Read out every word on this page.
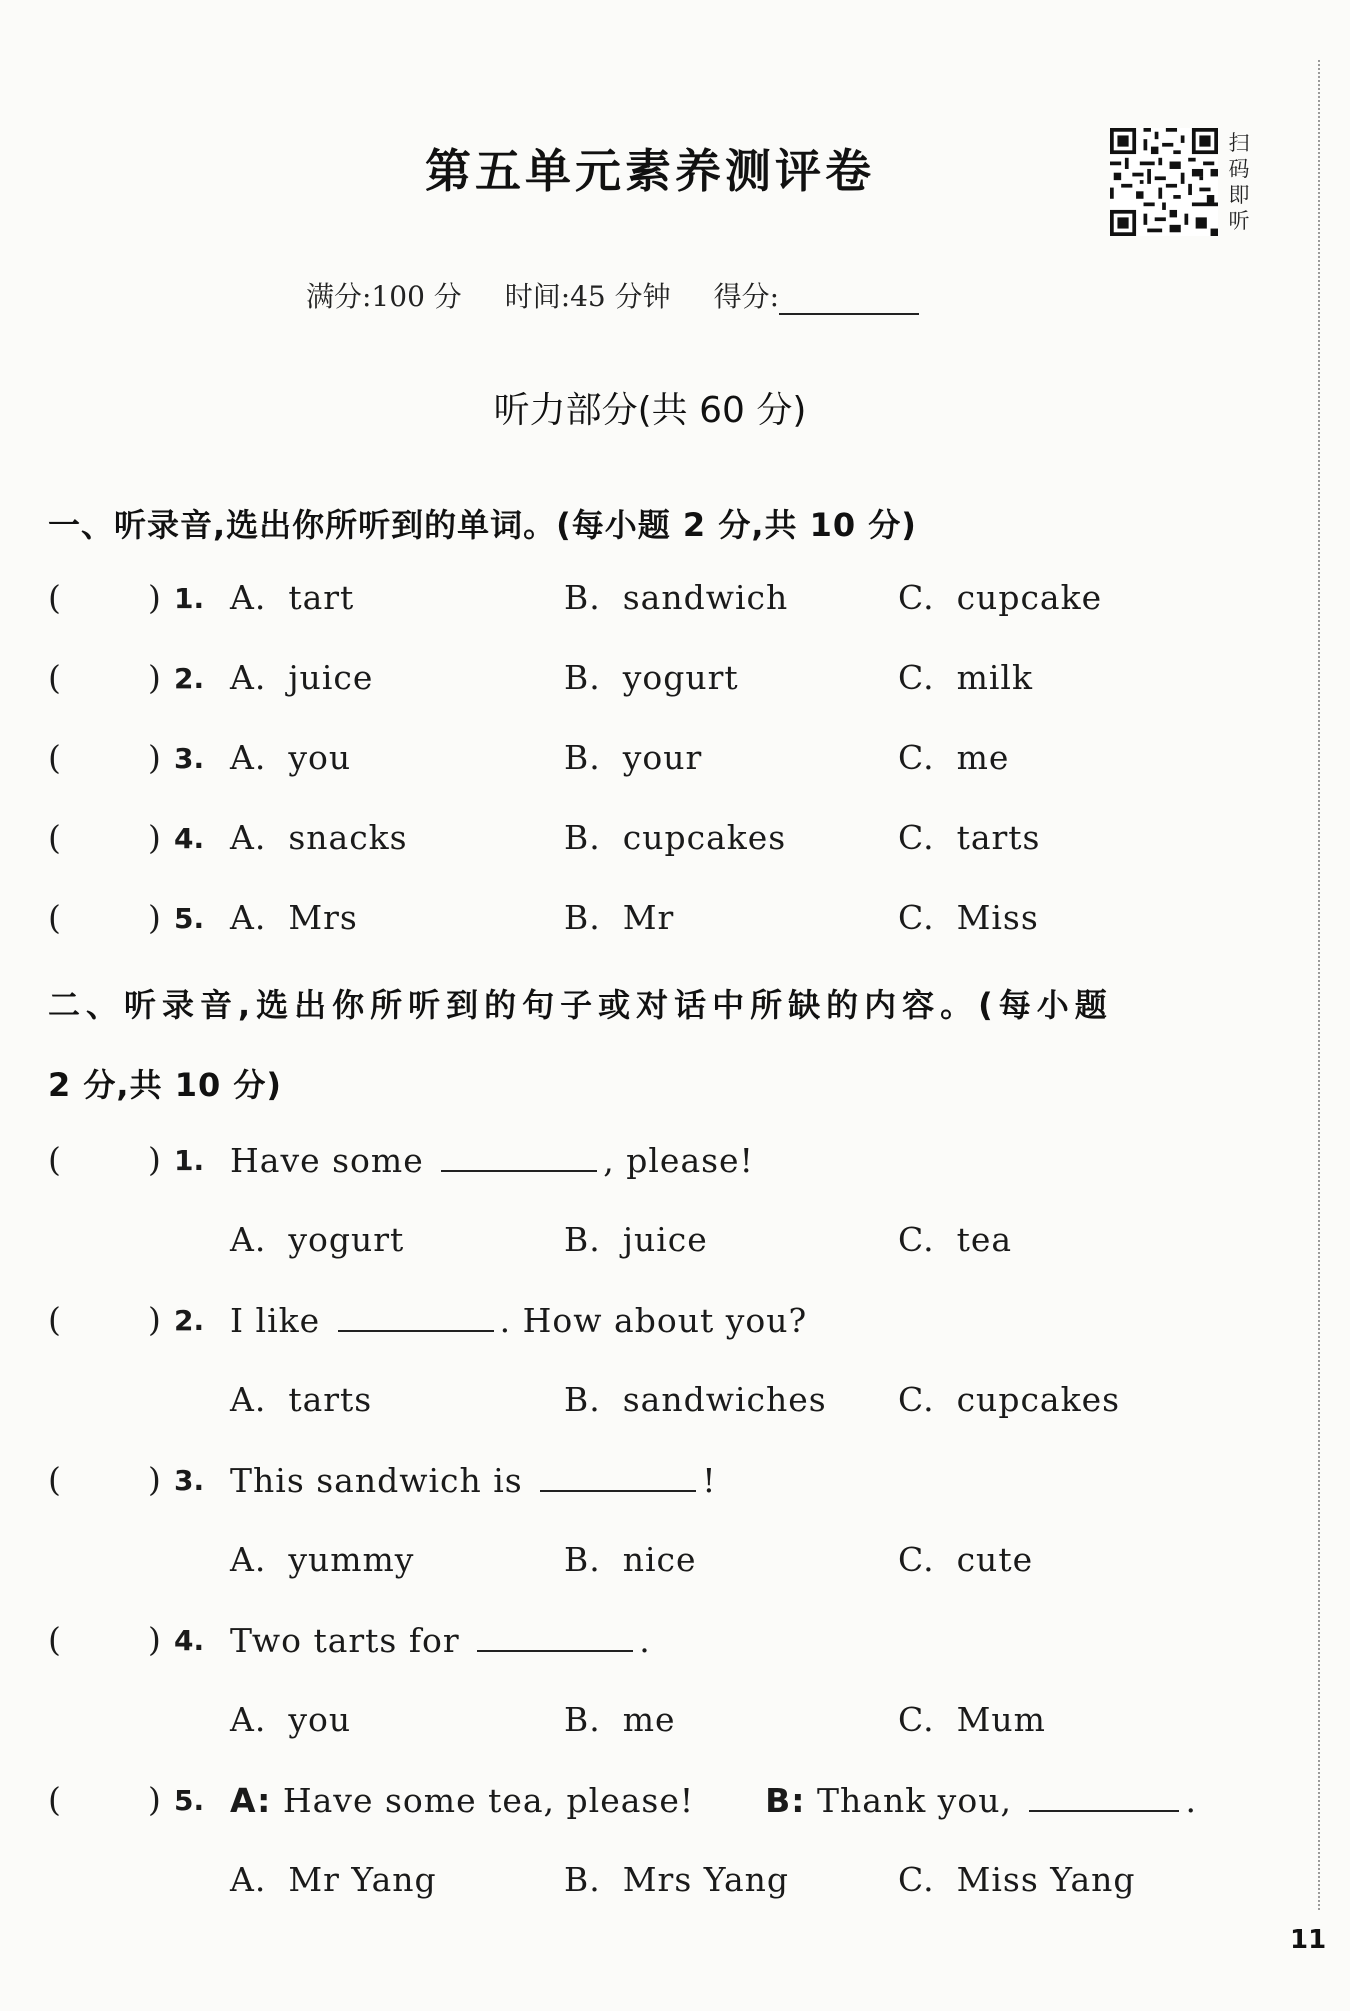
第五单元素养测评卷
扫码即听
满分:100 分 时间:45 分钟 得分:
听力部分(共 60 分)
一、听录音,选出你所听到的单词。(每小题 2 分,共 10 分)
(	) 1. A. tart	B. sandwich	C. cupcake
(	) 2. A. juice	B. yogurt	C. milk
(	) 3. A. you	B. your	C. me
(	) 4. A. snacks	B. cupcakes	C. tarts
(	) 5. A. Mrs	B. Mr	C. Miss
二、听录音,选出你所听到的句子或对话中所缺的内容。(每小题
2 分,共 10 分)
(	) 1. Have some	, please!
A. yogurt	B. juice	C. tea
(	) 2. I like	. How about you?
A. tarts	B. sandwiches C. cupcakes
(	) 3. This sandwich is	!
A. yummy	B. nice	C. cute
(	) 4. Two tarts for	.
A. you	B. me	C. Mum
(	) 5. A: Have some tea, please! B: Thank you,	.
A. Mr Yang	B. Mrs Yang	C. Miss Yang
11
